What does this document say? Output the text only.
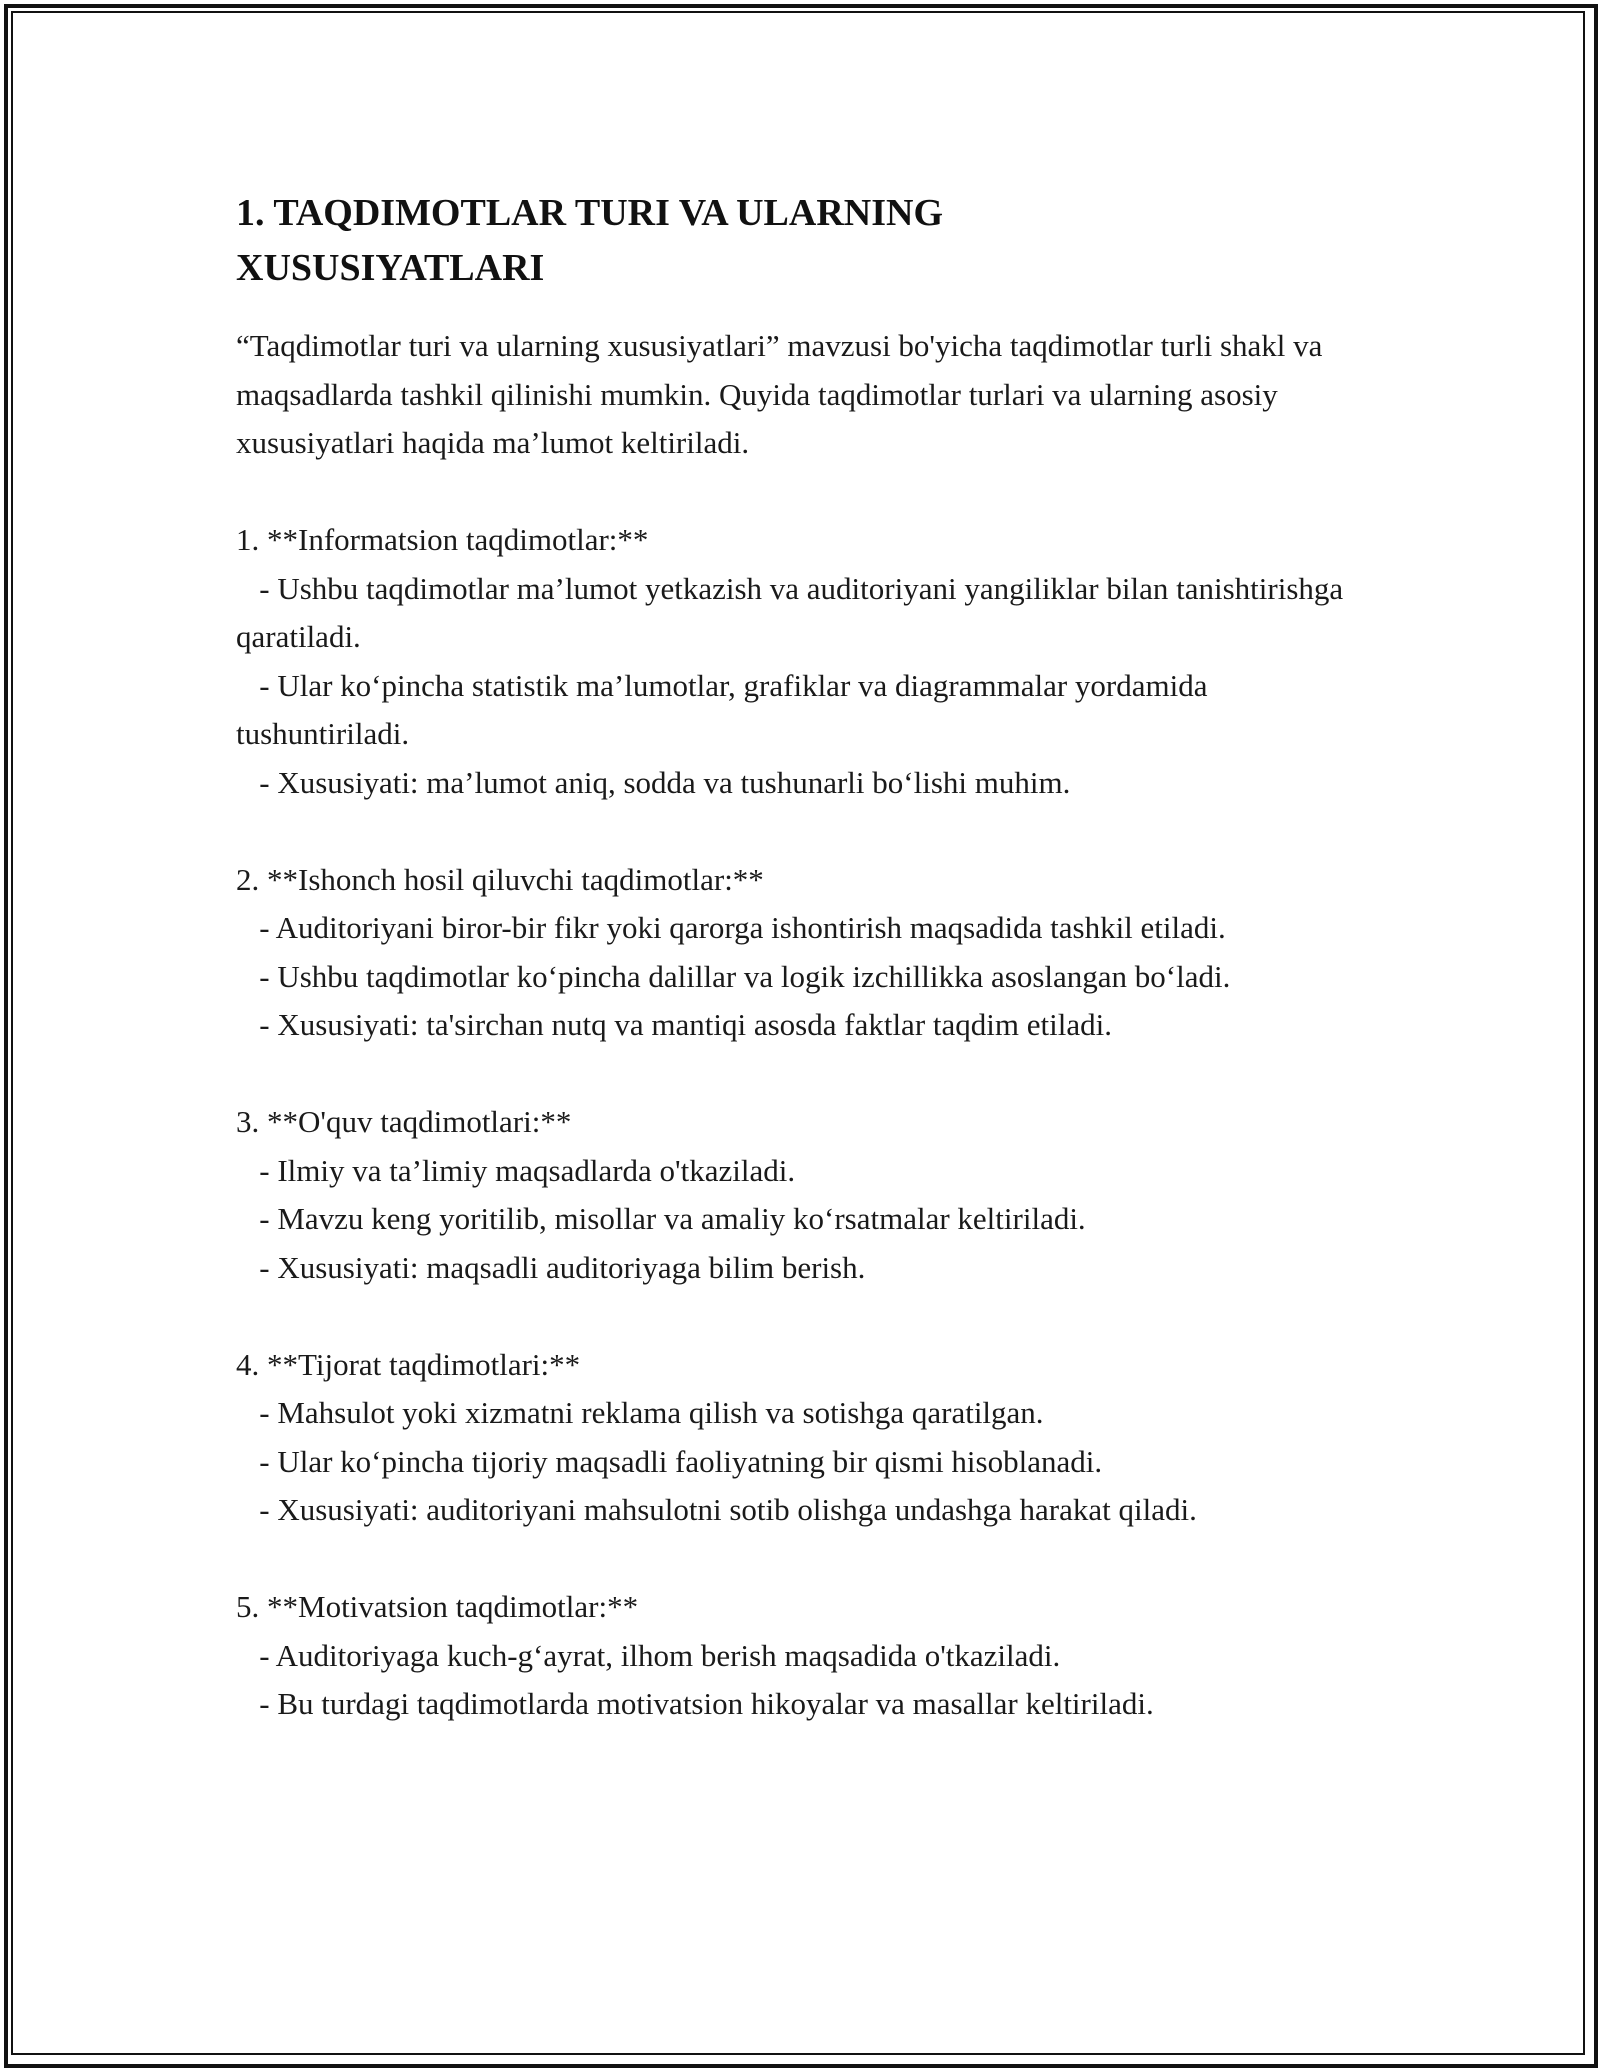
1. TAQDIMOTLAR TURI VA ULARNING XUSUSIYATLARI

“Taqdimotlar turi va ularning xususiyatlari” mavzusi bo'yicha taqdimotlar turli shakl va maqsadlarda tashkil qilinishi mumkin. Quyida taqdimotlar turlari va ularning asosiy xususiyatlari haqida ma’lumot keltiriladi.

1. **Informatsion taqdimotlar:**
- Ushbu taqdimotlar ma’lumot yetkazish va auditoriyani yangiliklar bilan tanishtirishga qaratiladi.
- Ular ko‘pincha statistik ma’lumotlar, grafiklar va diagrammalar yordamida tushuntiriladi.
- Xususiyati: ma’lumot aniq, sodda va tushunarli bo‘lishi muhim.
2. **Ishonch hosil qiluvchi taqdimotlar:**
- Auditoriyani biror-bir fikr yoki qarorga ishontirish maqsadida tashkil etiladi.
- Ushbu taqdimotlar ko‘pincha dalillar va logik izchillikka asoslangan bo‘ladi.
- Xususiyati: ta'sirchan nutq va mantiqi asosda faktlar taqdim etiladi.
3. **O'quv taqdimotlari:**
- Ilmiy va ta’limiy maqsadlarda o'tkaziladi.
- Mavzu keng yoritilib, misollar va amaliy ko‘rsatmalar keltiriladi.
- Xususiyati: maqsadli auditoriyaga bilim berish.
4. **Tijorat taqdimotlari:**
- Mahsulot yoki xizmatni reklama qilish va sotishga qaratilgan.
- Ular ko‘pincha tijoriy maqsadli faoliyatning bir qismi hisoblanadi.
- Xususiyati: auditoriyani mahsulotni sotib olishga undashga harakat qiladi.
5. **Motivatsion taqdimotlar:**
- Auditoriyaga kuch-g‘ayrat, ilhom berish maqsadida o'tkaziladi.
- Bu turdagi taqdimotlarda motivatsion hikoyalar va masallar keltiriladi.
